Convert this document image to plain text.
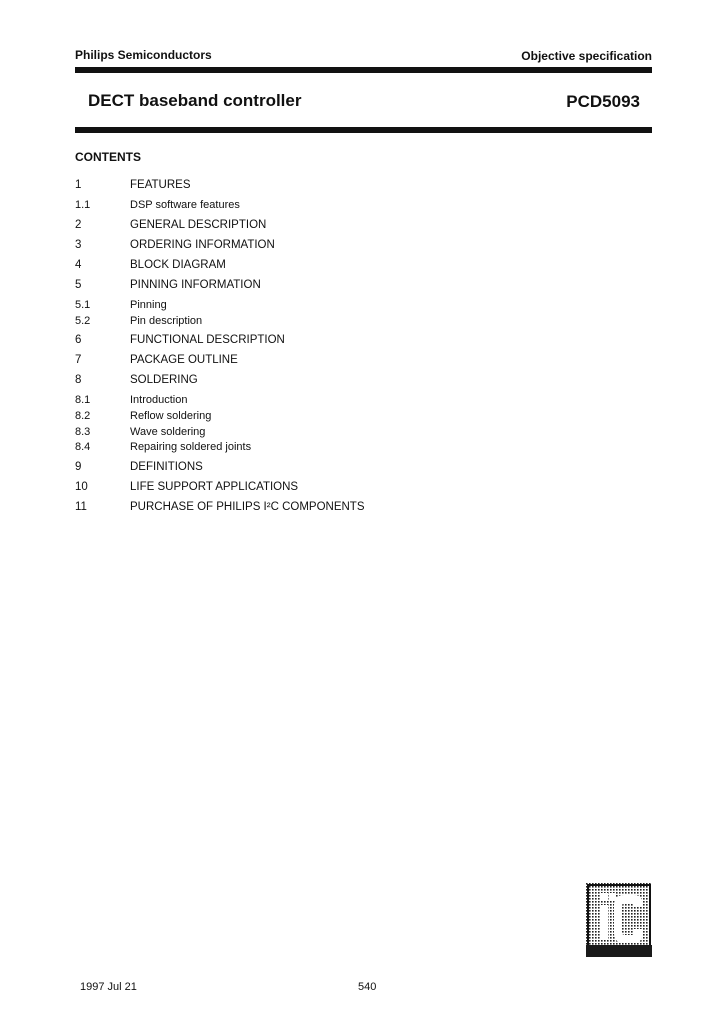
Philips Semiconductors	Objective specification
DECT baseband controller	PCD5093
CONTENTS
1	FEATURES
1.1	DSP software features
2	GENERAL DESCRIPTION
3	ORDERING INFORMATION
4	BLOCK DIAGRAM
5	PINNING INFORMATION
5.1	Pinning
5.2	Pin description
6	FUNCTIONAL DESCRIPTION
7	PACKAGE OUTLINE
8	SOLDERING
8.1	Introduction
8.2	Reflow soldering
8.3	Wave soldering
8.4	Repairing soldered joints
9	DEFINITIONS
10	LIFE SUPPORT APPLICATIONS
11	PURCHASE OF PHILIPS I²C COMPONENTS
1997 Jul 21	540
